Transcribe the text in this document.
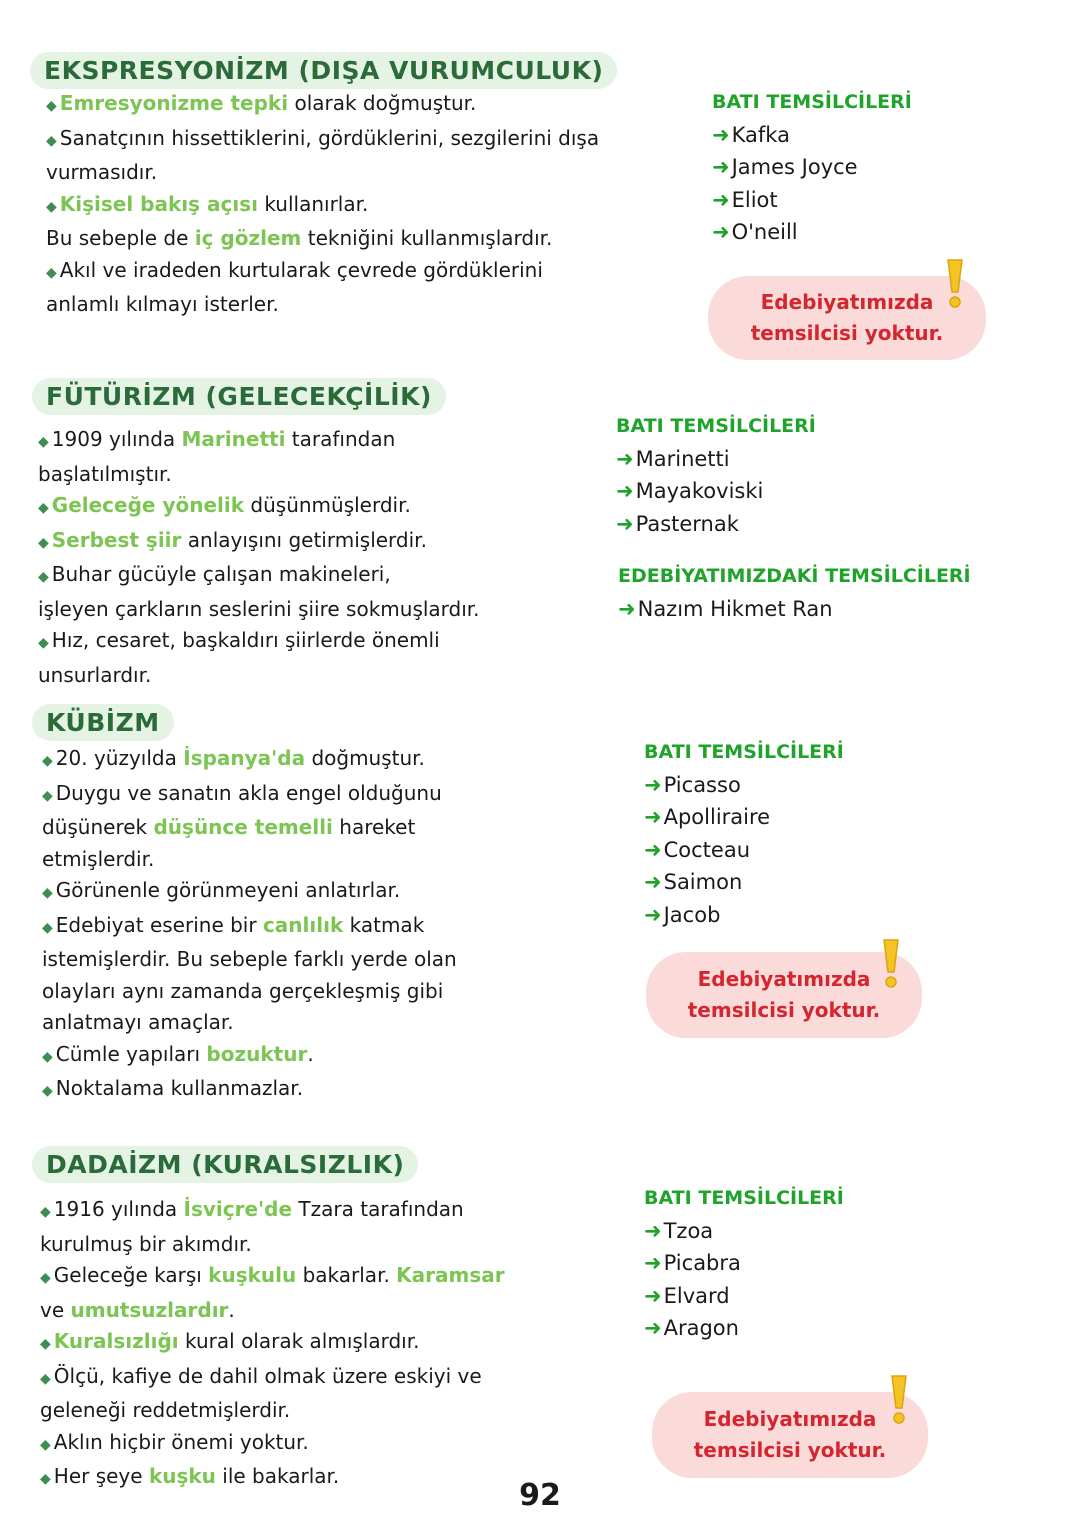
EKSPRESYONİZM (DIŞA VURUMCULUK)
◆ Emresyonizme tepki olarak doğmuştur.
◆ Sanatçının hissettiklerini, gördüklerini, sezgilerini dışa
vurmasıdır.
◆ Kişisel bakış açısı kullanırlar.
Bu sebeple de iç gözlem tekniğini kullanmışlardır.
◆ Akıl ve iradeden kurtularak çevrede gördüklerini
anlamlı kılmayı isterler.
BATI TEMSİLCİLERİ
➜Kafka
➜James Joyce
➜Eliot
➜O'neill
Edebiyatımızda
temsilcisi yoktur.
FÜTÜRİZM (GELECEKÇİLİK)
◆ 1909 yılında Marinetti tarafından
başlatılmıştır.
◆ Geleceğe yönelik düşünmüşlerdir.
◆ Serbest şiir anlayışını getirmişlerdir.
◆ Buhar gücüyle çalışan makineleri,
işleyen çarkların seslerini şiire sokmuşlardır.
◆ Hız, cesaret, başkaldırı şiirlerde önemli
unsurlardır.
BATI TEMSİLCİLERİ
➜Marinetti
➜Mayakoviski
➜Pasternak
EDEBİYATIMIZDAKİ TEMSİLCİLERİ
➜Nazım Hikmet Ran
KÜBİZM
◆ 20. yüzyılda İspanya'da doğmuştur.
◆ Duygu ve sanatın akla engel olduğunu
düşünerek düşünce temelli hareket
etmişlerdir.
◆ Görünenle görünmeyeni anlatırlar.
◆ Edebiyat eserine bir canlılık katmak
istemişlerdir. Bu sebeple farklı yerde olan
olayları aynı zamanda gerçekleşmiş gibi
anlatmayı amaçlar.
◆ Cümle yapıları bozuktur.
◆ Noktalama kullanmazlar.
BATI TEMSİLCİLERİ
➜Picasso
➜Apolliraire
➜Cocteau
➜Saimon
➜Jacob
Edebiyatımızda
temsilcisi yoktur.
DADAİZM (KURALSIZLIK)
◆ 1916 yılında İsviçre'de Tzara tarafından
kurulmuş bir akımdır.
◆ Geleceğe karşı kuşkulu bakarlar. Karamsar
ve umutsuzlardır.
◆ Kuralsızlığı kural olarak almışlardır.
◆ Ölçü, kafiye de dahil olmak üzere eskiyi ve
geleneği reddetmişlerdir.
◆ Aklın hiçbir önemi yoktur.
◆ Her şeye kuşku ile bakarlar.
BATI TEMSİLCİLERİ
➜Tzoa
➜Picabra
➜Elvard
➜Aragon
Edebiyatımızda
temsilcisi yoktur.
92
